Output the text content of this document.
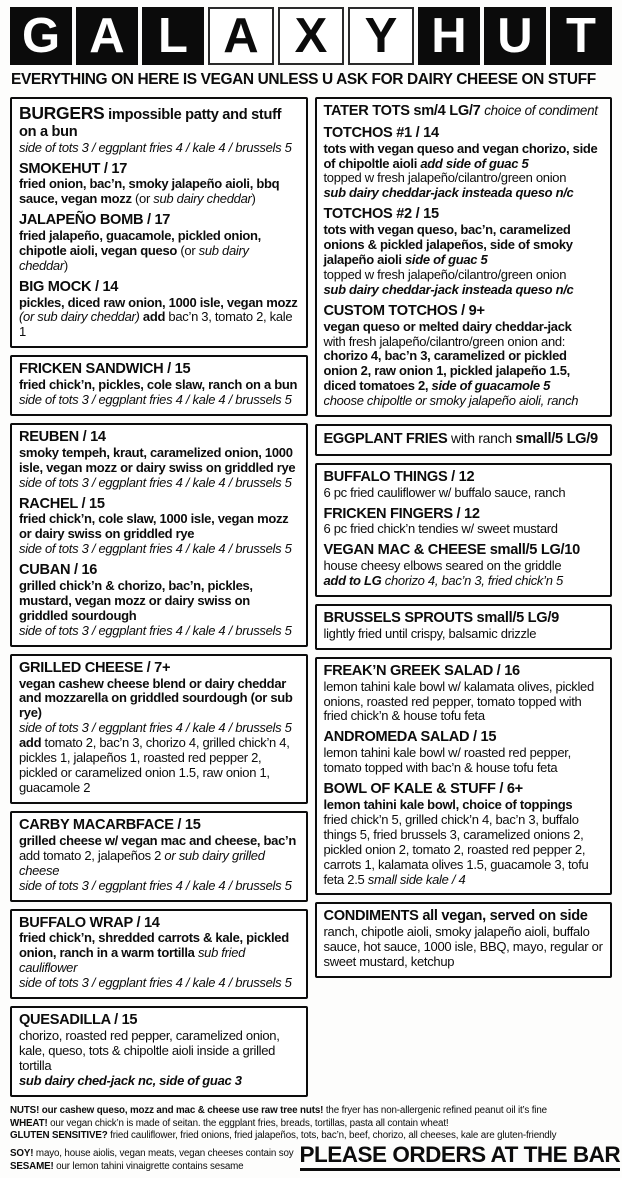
G A L A X Y H U T
EVERYTHING ON HERE IS VEGAN UNLESS U ASK FOR DAIRY CHEESE ON STUFF
BURGERS impossible patty and stuff on a bun
side of tots 3 / eggplant fries 4 / kale 4 / brussels 5
SMOKEHUT / 17
fried onion, bac’n, smoky jalapeño aioli, bbq sauce, vegan mozz (or sub dairy cheddar)
JALAPEÑO BOMB / 17
fried jalapeño, guacamole, pickled onion, chipotle aioli, vegan queso (or sub dairy cheddar)
BIG MOCK / 14
pickles, diced raw onion, 1000 isle, vegan mozz (or sub dairy cheddar) add bac’n 3, tomato 2, kale 1
FRICKEN SANDWICH / 15
fried chick’n, pickles, cole slaw, ranch on a bun
side of tots 3 / eggplant fries 4 / kale 4 / brussels 5
REUBEN / 14
smoky tempeh, kraut, caramelized onion, 1000 isle, vegan mozz or dairy swiss on griddled rye
side of tots 3 / eggplant fries 4 / kale 4 / brussels 5
RACHEL / 15
fried chick’n, cole slaw, 1000 isle, vegan mozz or dairy swiss on griddled rye
side of tots 3 / eggplant fries 4 / kale 4 / brussels 5
CUBAN / 16
grilled chick’n & chorizo, bac’n, pickles, mustard, vegan mozz or dairy swiss on griddled sourdough
side of tots 3 / eggplant fries 4 / kale 4 / brussels 5
GRILLED CHEESE / 7+
vegan cashew cheese blend or dairy cheddar and mozzarella on griddled sourdough (or sub rye)
side of tots 3 / eggplant fries 4 / kale 4 / brussels 5
add tomato 2, bac’n 3, chorizo 4, grilled chick’n 4, pickles 1, jalapeños 1, roasted red pepper 2, pickled or caramelized onion 1.5, raw onion 1, guacamole 2
CARBY MACARBFACE / 15
grilled cheese w/ vegan mac and cheese, bac’n
add tomato 2, jalapeños 2 or sub dairy grilled cheese
side of tots 3 / eggplant fries 4 / kale 4 / brussels 5
BUFFALO WRAP / 14
fried chick’n, shredded carrots & kale, pickled onion, ranch in a warm tortilla sub fried cauliflower
side of tots 3 / eggplant fries 4 / kale 4 / brussels 5
QUESADILLA / 15
chorizo, roasted red pepper, caramelized onion, kale, queso, tots & chipoltle aioli inside a grilled tortilla
sub dairy ched-jack nc, side of guac 3
TATER TOTS sm/4 LG/7 choice of condiment
TOTCHOS #1 / 14
tots with vegan queso and vegan chorizo, side of chipoltle aioli add side of guac 5
topped w fresh jalapeño/cilantro/green onion
sub dairy cheddar-jack insteada queso n/c
TOTCHOS #2 / 15
tots with vegan queso, bac’n, caramelized onions & pickled jalapeños, side of smoky jalapeño aioli side of guac 5
topped w fresh jalapeño/cilantro/green onion
sub dairy cheddar-jack insteada queso n/c
CUSTOM TOTCHOS / 9+
vegan queso or melted dairy cheddar-jack
with fresh jalapeño/cilantro/green onion and:
chorizo 4, bac’n 3, caramelized or pickled onion 2, raw onion 1, pickled jalapeño 1.5, diced tomatoes 2, side of guacamole 5
choose chipoltle or smoky jalapeño aioli, ranch
EGGPLANT FRIES with ranch small/5 LG/9
BUFFALO THINGS / 12
6 pc fried cauliflower w/ buffalo sauce, ranch
FRICKEN FINGERS / 12
6 pc fried chick’n tendies w/ sweet mustard
VEGAN MAC & CHEESE small/5 LG/10
house cheesy elbows seared on the griddle
add to LG chorizo 4, bac’n 3, fried chick’n 5
BRUSSELS SPROUTS small/5 LG/9
lightly fried until crispy, balsamic drizzle
FREAK’N GREEK SALAD / 16
lemon tahini kale bowl w/ kalamata olives, pickled onions, roasted red pepper, tomato topped with fried chick’n & house tofu feta
ANDROMEDA SALAD / 15
lemon tahini kale bowl w/ roasted red pepper, tomato topped with bac’n & house tofu feta
BOWL OF KALE & STUFF / 6+
lemon tahini kale bowl, choice of toppings
fried chick’n 5, grilled chick’n 4, bac’n 3, buffalo things 5, fried brussels 3, caramelized onions 2, pickled onion 2, tomato 2, roasted red pepper 2, carrots 1, kalamata olives 1.5, guacamole 3, tofu feta 2.5 small side kale / 4
CONDIMENTS all vegan, served on side
ranch, chipotle aioli, smoky jalapeño aioli, buffalo sauce, hot sauce, 1000 isle, BBQ, mayo, regular or sweet mustard, ketchup
NUTS! our cashew queso, mozz and mac & cheese use raw tree nuts! the fryer has non-allergenic refined peanut oil it’s fine
WHEAT! our vegan chick’n is made of seitan. the eggplant fries, breads, tortillas, pasta all contain wheat!
GLUTEN SENSITIVE? fried cauliflower, fried onions, fried jalapeños, tots, bac’n, beef, chorizo, all cheeses, kale are gluten-friendly
SOY! mayo, house aiolis, vegan meats, vegan cheeses contain soy
SESAME! our lemon tahini vinaigrette contains sesame	PLEASE ORDERS AT THE BAR
